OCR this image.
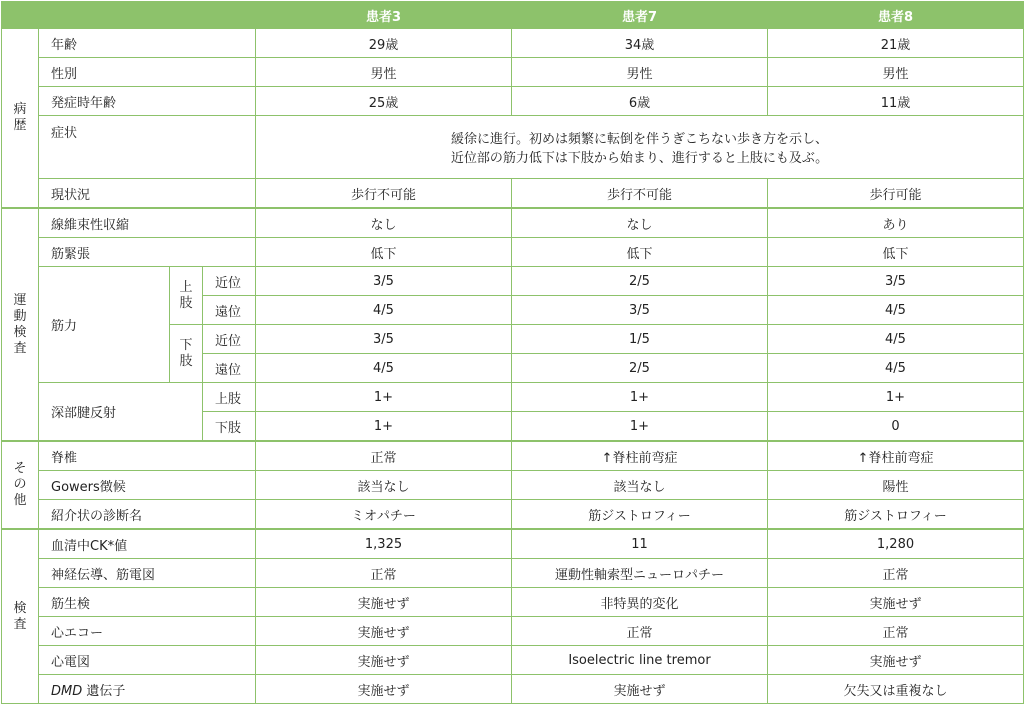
				患者3	患者7	患者8
病歴	年齢			29歳	34歳	21歳
	性別			男性	男性	男性
	発症時年齢			25歳	6歳	11歳
	症状			緩徐に進行。初めは頻繁に転倒を伴うぎこちない歩き方を示し、
近位部の筋力低下は下肢から始まり、進行すると上肢にも及ぶ。		

	現状況			歩行不可能	歩行不可能	歩行可能
運動検査	線維束性収縮			なし	なし	あり
	筋緊張			低下	低下	低下
	筋力	上肢	近位	3/5	2/5	3/5
			遠位	4/5	3/5	4/5
		下肢	近位	3/5	1/5	4/5
			遠位	4/5	2/5	4/5
	深部腱反射		上肢	1+	1+	1+
			下肢	1+	1+	0
その他	脊椎			正常	↑脊柱前弯症	↑脊柱前弯症
	Gowers徴候			該当なし	該当なし	陽性
	紹介状の診断名			ミオパチー	筋ジストロフィー	筋ジストロフィー
検査	血清中CK*値			1,325	11	1,280
	神経伝導、筋電図			正常	運動性軸索型ニューロパチー	正常
	筋生検			実施せず	非特異的変化	実施せず
	心エコー			実施せず	正常	正常
	心電図			実施せず	Isoelectric line tremor	実施せず
	DMD 遺伝子			実施せず	実施せず	欠失又は重複なし
